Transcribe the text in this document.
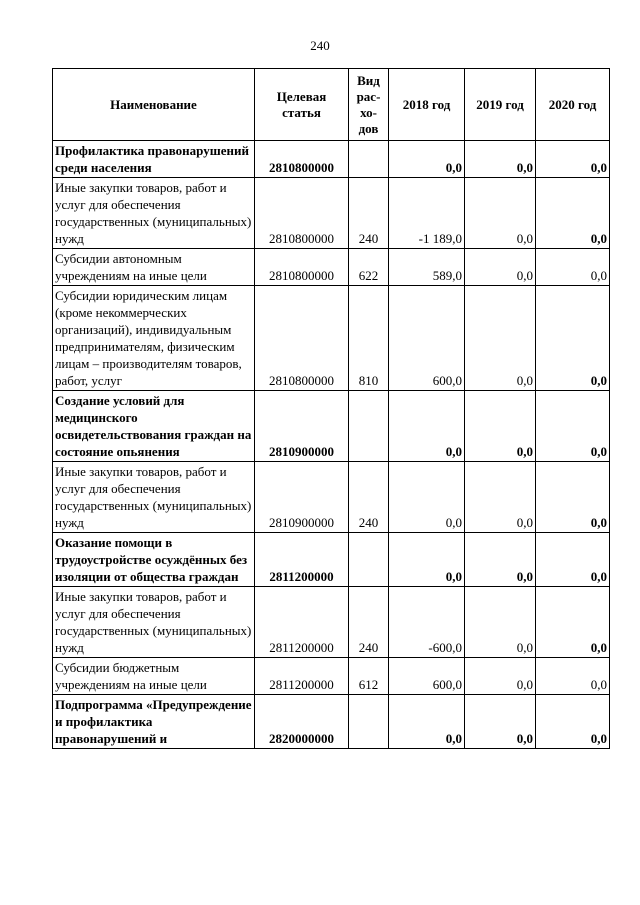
240
Наименование	Целевая статья	Вид рас-хо-дов	2018 год	2019 год	2020 год
Профилактика правонарушений среди населения	2810800000		0,0	0,0	0,0
Иные закупки товаров, работ и услуг для обеспечения государственных (муниципальных) нужд	2810800000	240	-1 189,0	0,0	0,0
Субсидии автономным учреждениям на иные цели	2810800000	622	589,0	0,0	0,0
Субсидии юридическим лицам (кроме некоммерческих организаций), индивидуальным предпринимателям, физическим лицам – производителям товаров, работ, услуг	2810800000	810	600,0	0,0	0,0
Создание условий для медицинского освидетельствования граждан на состояние опьянения	2810900000		0,0	0,0	0,0
Иные закупки товаров, работ и услуг для обеспечения государственных (муниципальных) нужд	2810900000	240	0,0	0,0	0,0
Оказание помощи в трудоустройстве осуждённых без изоляции от общества граждан	2811200000		0,0	0,0	0,0
Иные закупки товаров, работ и услуг для обеспечения государственных (муниципальных) нужд	2811200000	240	-600,0	0,0	0,0
Субсидии бюджетным учреждениям на иные цели	2811200000	612	600,0	0,0	0,0
Подпрограмма «Предупреждение и профилактика правонарушений и	2820000000		0,0	0,0	0,0
